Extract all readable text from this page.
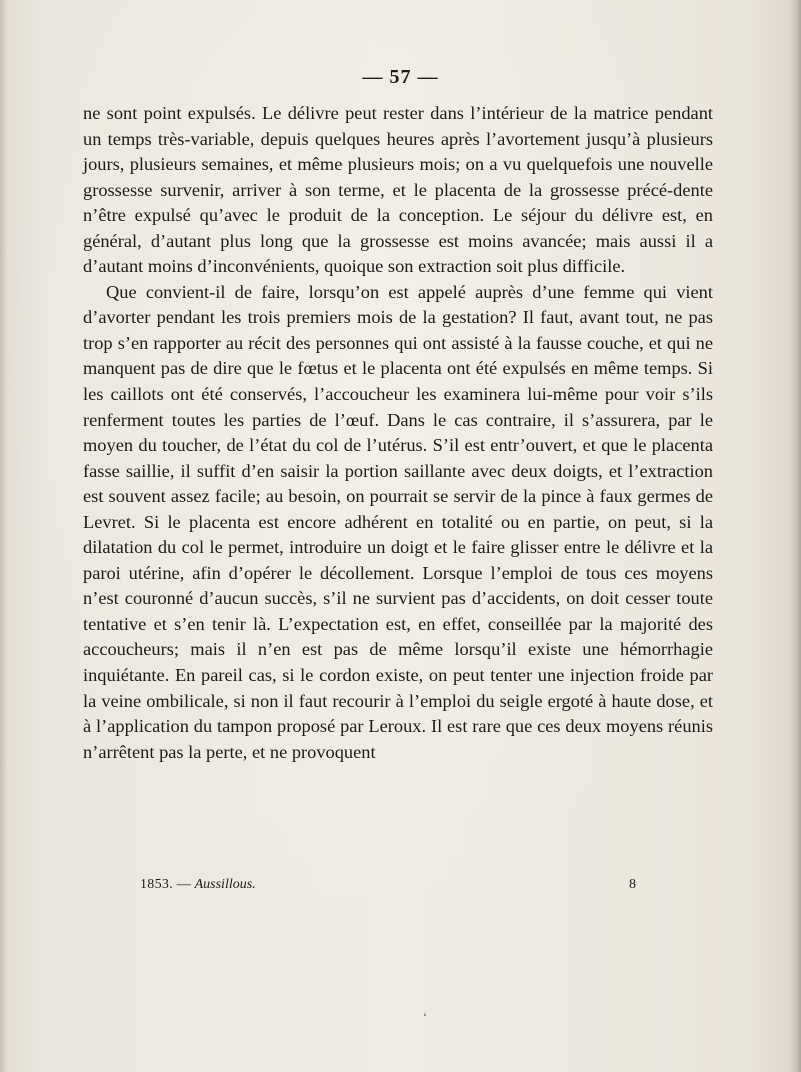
— 57 —

ne sont point expulsés. Le délivre peut rester dans l’intérieur de la matrice pendant un temps très-variable, depuis quelques heures après l’avortement jusqu’à plusieurs jours, plusieurs semaines, et même plusieurs mois; on a vu quelquefois une nouvelle grossesse survenir, arriver à son terme, et le placenta de la grossesse précé-dente n’être expulsé qu’avec le produit de la conception. Le séjour du délivre est, en général, d’autant plus long que la grossesse est moins avancée; mais aussi il a d’autant moins d’inconvénients, quoique son extraction soit plus difficile.

Que convient-il de faire, lorsqu’on est appelé auprès d’une femme qui vient d’avorter pendant les trois premiers mois de la gestation? Il faut, avant tout, ne pas trop s’en rapporter au récit des personnes qui ont assisté à la fausse couche, et qui ne manquent pas de dire que le fœtus et le placenta ont été expulsés en même temps. Si les caillots ont été conservés, l’accoucheur les examinera lui-même pour voir s’ils renferment toutes les parties de l’œuf. Dans le cas contraire, il s’assurera, par le moyen du toucher, de l’état du col de l’utérus. S’il est entr’ouvert, et que le placenta fasse saillie, il suffit d’en saisir la portion saillante avec deux doigts, et l’extraction est souvent assez facile; au besoin, on pourrait se servir de la pince à faux germes de Levret. Si le placenta est encore adhérent en totalité ou en partie, on peut, si la dilatation du col le permet, introduire un doigt et le faire glisser entre le délivre et la paroi utérine, afin d’opérer le décollement. Lorsque l’emploi de tous ces moyens n’est couronné d’aucun succès, s’il ne survient pas d’accidents, on doit cesser toute tentative et s’en tenir là. L’expectation est, en effet, conseillée par la majorité des accoucheurs; mais il n’en est pas de même lorsqu’il existe une hémorrhagie inquiétante. En pareil cas, si le cordon existe, on peut tenter une injection froide par la veine ombilicale, si non il faut recourir à l’emploi du seigle ergoté à haute dose, et à l’application du tampon proposé par Leroux. Il est rare que ces deux moyens réunis n’arrêtent pas la perte, et ne provoquent

1853. — Aussillous.	8
‘
